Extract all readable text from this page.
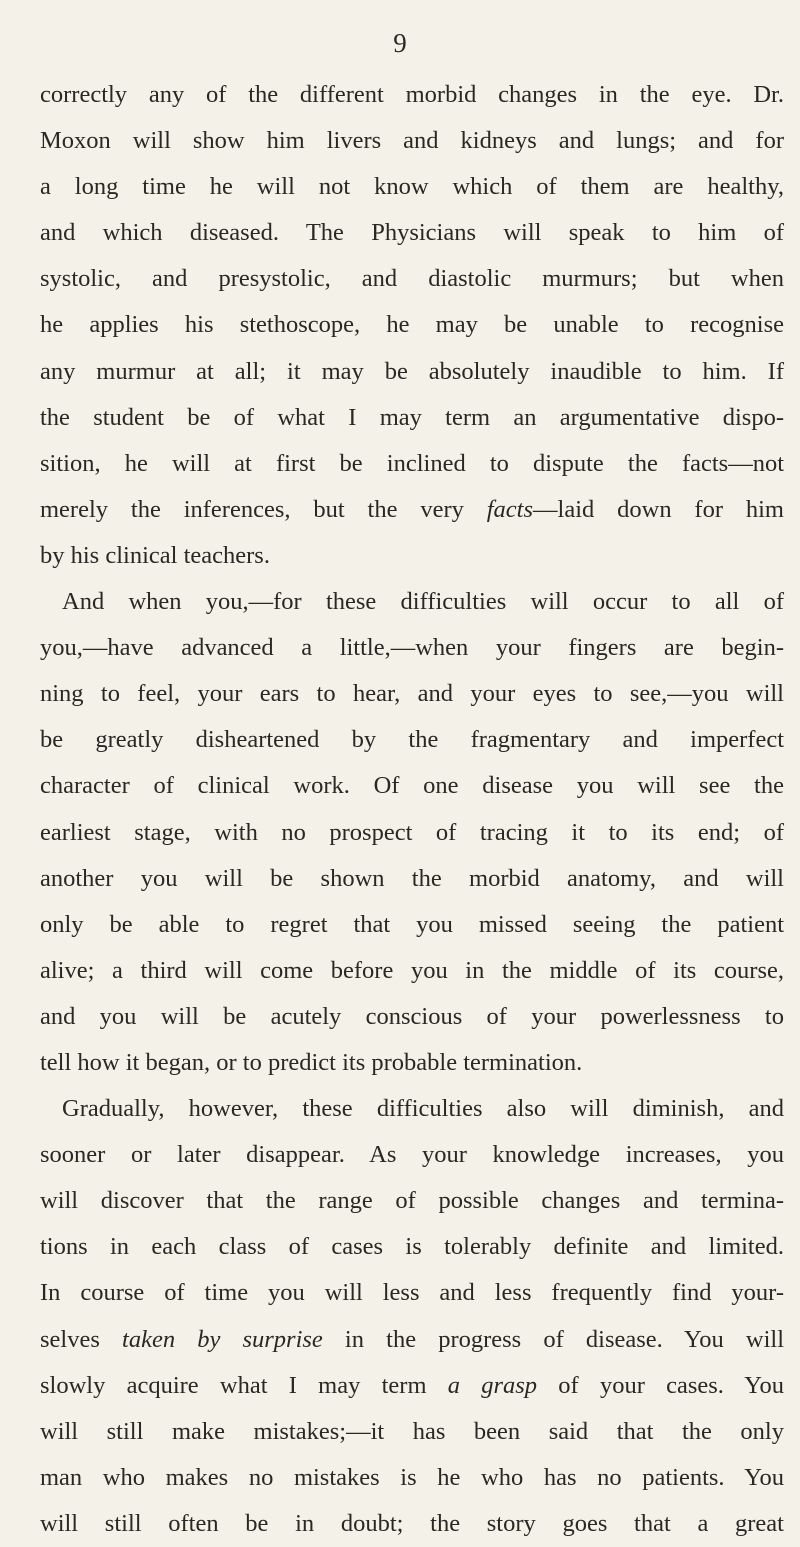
9
correctly any of the different morbid changes in the eye. Dr.
Moxon will show him livers and kidneys and lungs; and for
a long time he will not know which of them are healthy,
and which diseased. The Physicians will speak to him of
systolic, and presystolic, and diastolic murmurs; but when
he applies his stethoscope, he may be unable to recognise
any murmur at all; it may be absolutely inaudible to him. If
the student be of what I may term an argumentative dispo-
sition, he will at first be inclined to dispute the facts—not
merely the inferences, but the very facts—laid down for him
by his clinical teachers.
And when you,—for these difficulties will occur to all of
you,—have advanced a little,—when your fingers are begin-
ning to feel, your ears to hear, and your eyes to see,—you will
be greatly disheartened by the fragmentary and imperfect
character of clinical work. Of one disease you will see the
earliest stage, with no prospect of tracing it to its end; of
another you will be shown the morbid anatomy, and will
only be able to regret that you missed seeing the patient
alive; a third will come before you in the middle of its course,
and you will be acutely conscious of your powerlessness to
tell how it began, or to predict its probable termination.
Gradually, however, these difficulties also will diminish, and
sooner or later disappear. As your knowledge increases, you
will discover that the range of possible changes and termina-
tions in each class of cases is tolerably definite and limited.
In course of time you will less and less frequently find your-
selves taken by surprise in the progress of disease. You will
slowly acquire what I may term a grasp of your cases. You
will still make mistakes;—it has been said that the only
man who makes no mistakes is he who has no patients. You
will still often be in doubt; the story goes that a great
